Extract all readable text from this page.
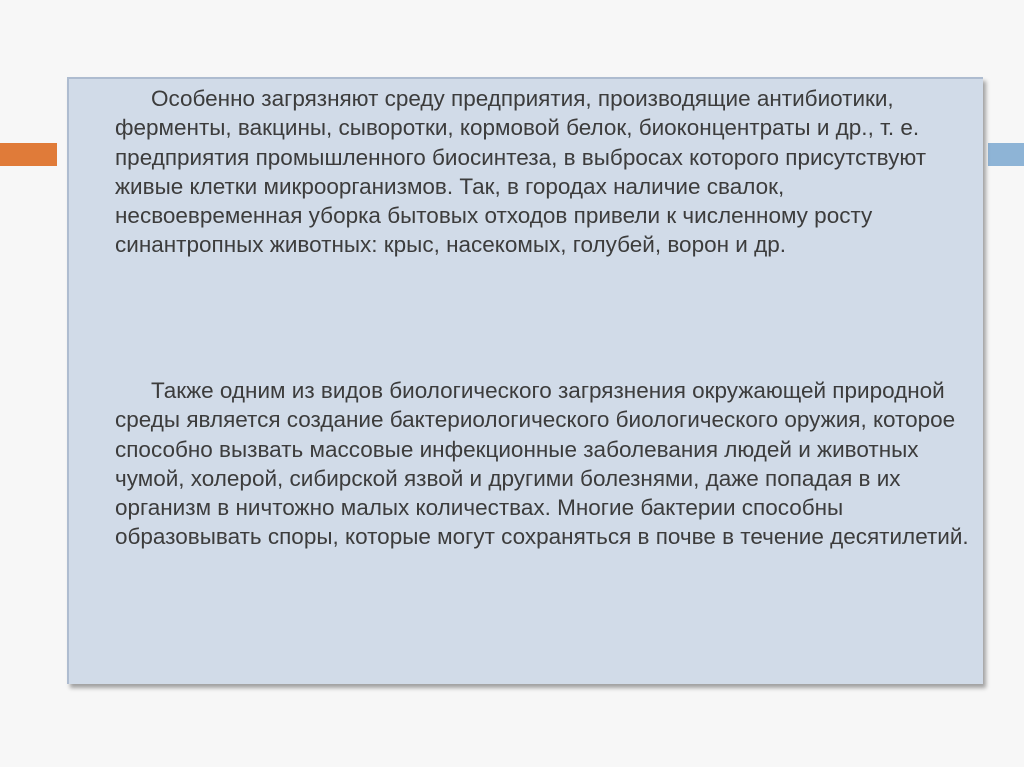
Особенно загрязняют среду предприятия, производящие антибиотики, ферменты, вакцины, сыворотки, кормовой белок, биоконцентраты и др., т. е. предприятия промышленного биосинтеза, в выбросах которого присутствуют живые клетки микроорганизмов. Так, в городах наличие свалок, несвоевременная уборка бытовых отходов привели к численному росту синантропных животных: крыс, насекомых, голубей, ворон и др.

Также одним из видов биологического загрязнения окружающей природной среды является создание бактериологического биологического оружия, которое способно вызвать массовые инфекционные заболевания людей и животных чумой, холерой, сибирской язвой и другими болезнями, даже попадая в их организм в ничтожно малых количествах. Многие бактерии способны образовывать споры, которые могут сохраняться в почве в течение десятилетий.
